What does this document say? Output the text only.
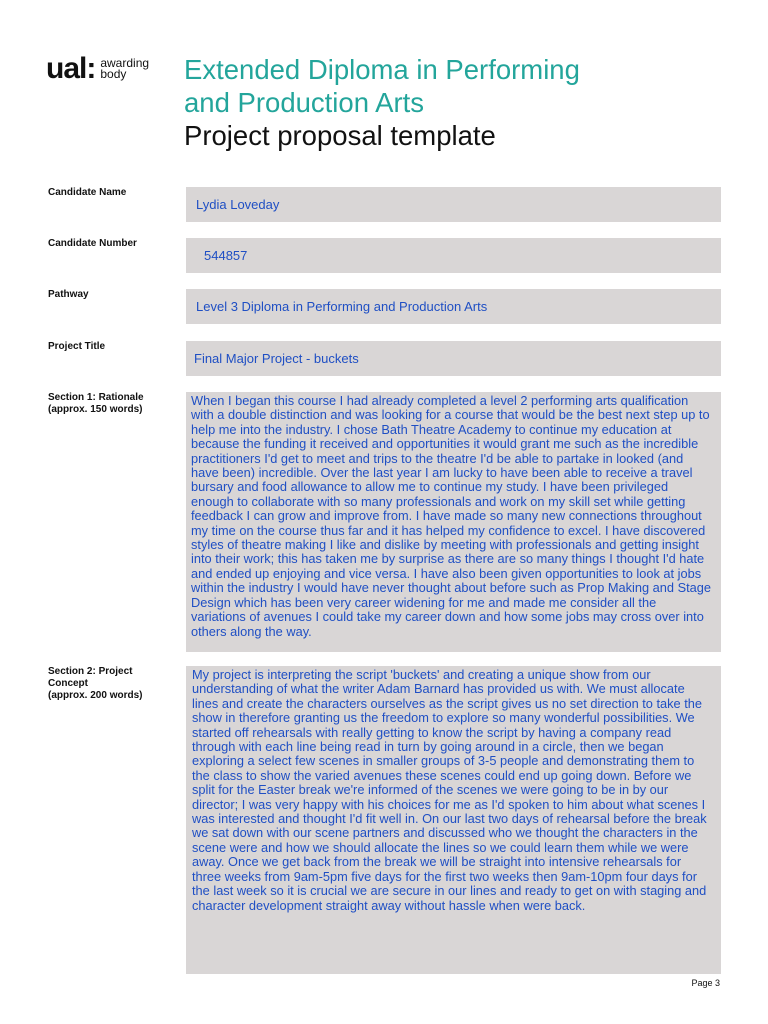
ual: awarding
body	Extended Diploma in Performing
and Production Arts
Project proposal template
Candidate Name
Lydia Loveday
Candidate Number
544857
Pathway
Level 3 Diploma in Performing and Production Arts
Project Title
Final Major Project - buckets
Section 1: Rationale
(approx. 150 words)
When I began this course I had already completed a level 2 performing arts qualification with a double distinction and was looking for a course that would be the best next step up to help me into the industry. I chose Bath Theatre Academy to continue my education at because the funding it received and opportunities it would grant me such as the incredible practitioners I'd get to meet and trips to the theatre I'd be able to partake in looked (and have been) incredible. Over the last year I am lucky to have been able to receive a travel bursary and food allowance to allow me to continue my study. I have been privileged enough to collaborate with so many professionals and work on my skill set while getting feedback I can grow and improve from. I have made so many new connections throughout my time on the course thus far and it has helped my confidence to excel. I have discovered styles of theatre making I like and dislike by meeting with professionals and getting insight into their work; this has taken me by surprise as there are so many things I thought I'd hate and ended up enjoying and vice versa. I have also been given opportunities to look at jobs within the industry I would have never thought about before such as Prop Making and Stage Design which has been very career widening for me and made me consider all the variations of avenues I could take my career down and how some jobs may cross over into others along the way.
Section 2: Project
Concept
(approx. 200 words)
My project is interpreting the script 'buckets' and creating a unique show from our understanding of what the writer Adam Barnard has provided us with. We must allocate lines and create the characters ourselves as the script gives us no set direction to take the show in therefore granting us the freedom to explore so many wonderful possibilities. We started off rehearsals with really getting to know the script by having a company read through with each line being read in turn by going around in a circle, then we began exploring a select few scenes in smaller groups of 3-5 people and demonstrating them to the class to show the varied avenues these scenes could end up going down. Before we split for the Easter break we're informed of the scenes we were going to be in by our director; I was very happy with his choices for me as I'd spoken to him about what scenes I was interested and thought I'd fit well in. On our last two days of rehearsal before the break we sat down with our scene partners and discussed who we thought the characters in the scene were and how we should allocate the lines so we could learn them while we were away. Once we get back from the break we will be straight into intensive rehearsals for three weeks from 9am-5pm five days for the first two weeks then 9am-10pm four days for the last week so it is crucial we are secure in our lines and ready to get on with staging and character development straight away without hassle when were back.
Page 3
